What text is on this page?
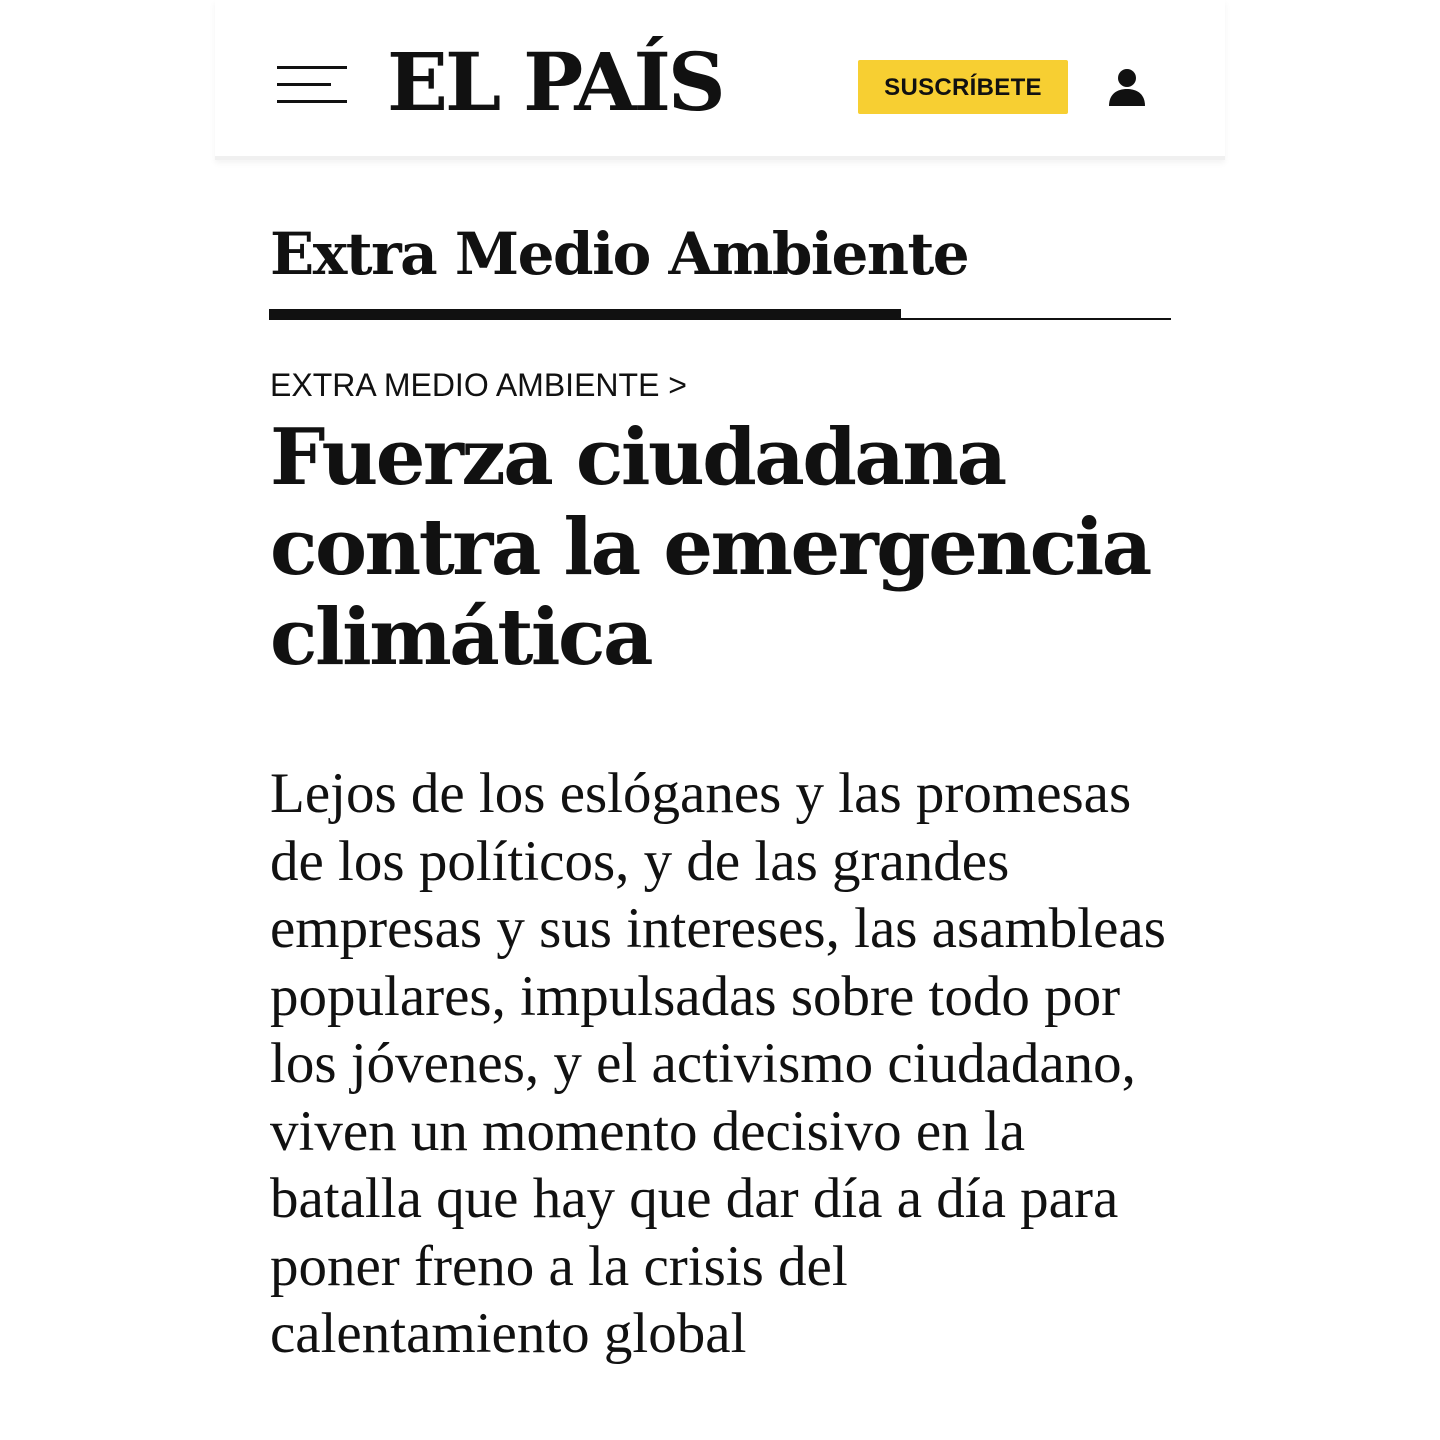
EL PAÍS	SUSCRÍBETE
Extra Medio Ambiente
EXTRA MEDIO AMBIENTE >
Fuerza ciudadana contra la emergencia climática

Lejos de los eslóganes y las promesas de los políticos, y de las grandes empresas y sus intereses, las asambleas populares, impulsadas sobre todo por los jóvenes, y el activismo ciudadano, viven un momento decisivo en la batalla que hay que dar día a día para poner freno a la crisis del calentamiento global
